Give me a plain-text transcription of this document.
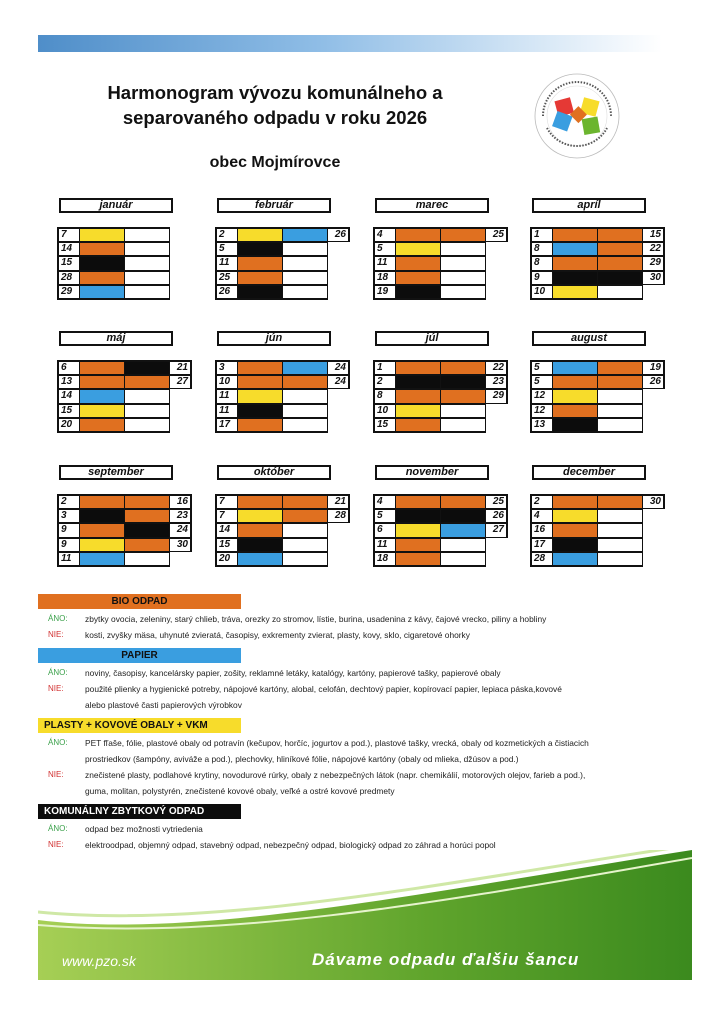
Harmonogram vývozu komunálneho a
separovaného odpadu v roku 2026
obec Mojmírovce
január
7
14
15
28
29
február
2	26
5
11
25
26
marec
4	25
5
11
18
19
apríl
1	15
8	22
8	29
9	30
10
máj
6	21
13	27
14
15
20
jún
3	24
10	24
11
11
17
júl
1	22
2	23
8	29
10
15
august
5	19
5	26
12
12
13
september
2	16
3	23
9	24
9	30
11
október
7	21
7	28
14
15
20
november
4	25
5	26
6	27
11
18
december
2	30
4
16
17
28
BIO ODPAD
ÁNO: zbytky ovocia, zeleniny, starý chlieb, tráva, orezky zo stromov, lístie, burina, usadenina z kávy, čajové vrecko, piliny a hobliny
NIE:	kosti, zvyšky mäsa, uhynuté zvieratá, časopisy, exkrementy zvierat, plasty, kovy, sklo, cigaretové ohorky
PAPIER
ÁNO: noviny, časopisy, kancelársky papier, zošity, reklamné letáky, katalógy, kartóny, papierové tašky, papierové obaly
NIE:	použité plienky a hygienické potreby, nápojové kartóny, alobal, celofán, dechtový papier, kopírovací papier, lepiaca páska,kovové
alebo plastové časti papierových výrobkov
PLASTY + KOVOVÉ OBALY + VKM
ÁNO: PET fľaše, fólie, plastové obaly od potravín (kečupov, horčíc, jogurtov a pod.), plastové tašky, vrecká, obaly od kozmetických a čistiacich
prostriedkov (šampóny, aviváže a pod.), plechovky, hliníkové fólie, nápojové kartóny (obaly od mlieka, džúsov a pod.)
NIE:	znečistené plasty, podlahové krytiny, novodurové rúrky, obaly z nebezpečných látok (napr. chemikálií, motorových olejov, farieb a pod.),
guma, molitan, polystyrén, znečistené kovové obaly, veľké a ostré kovové predmety
KOMUNÁLNY ZBYTKOVÝ ODPAD
ÁNO: odpad bez možnosti vytriedenia
NIE:	elektroodpad, objemný odpad, stavebný odpad, nebezpečný odpad, biologický odpad zo záhrad a horúci popol
www.pzo.sk	Dávame odpadu ďalšiu šancu
